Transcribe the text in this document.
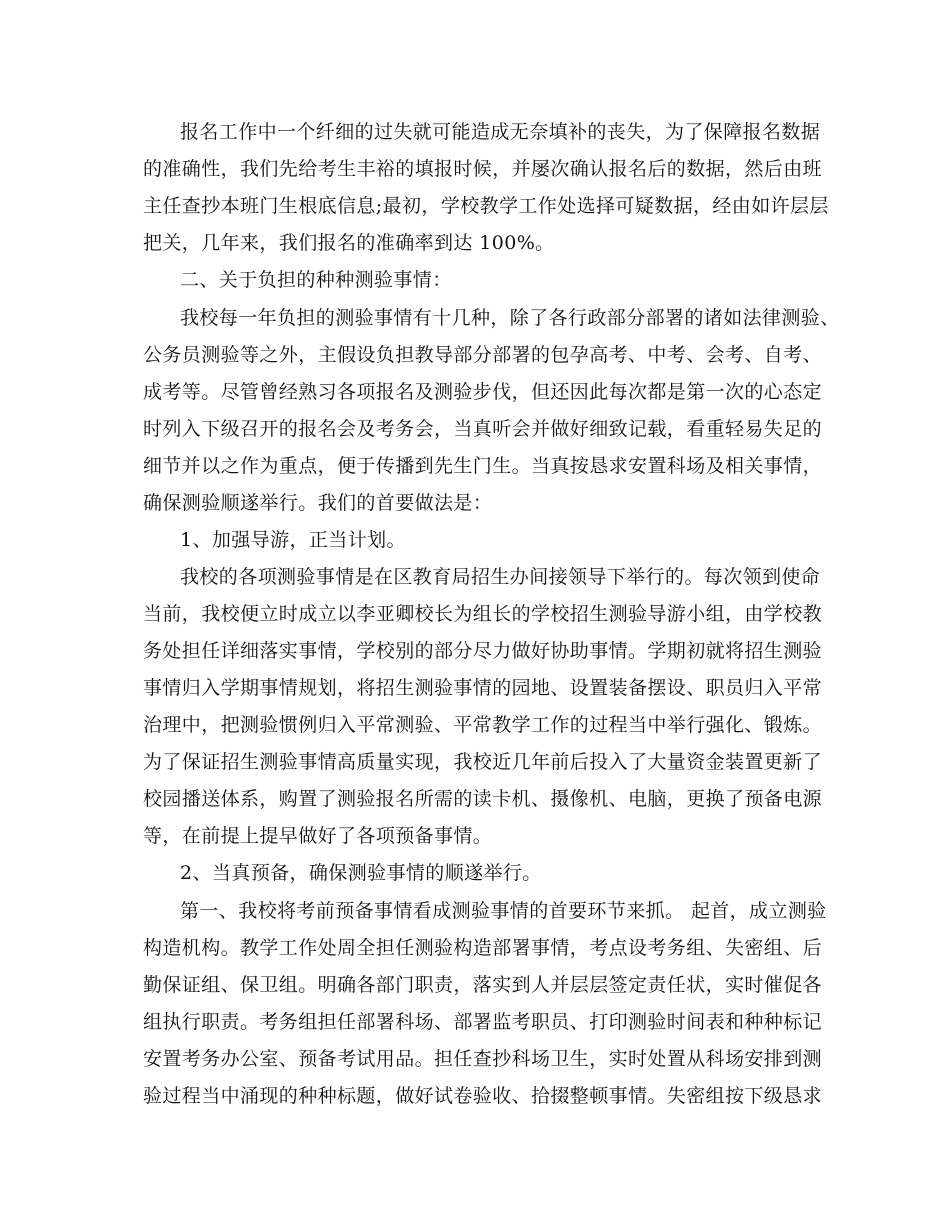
报名工作中一个纤细的过失就可能造成无奈填补的丧失，为了保障报名数据
的准确性，我们先给考生丰裕的填报时候，并屡次确认报名后的数据，然后由班
主任查抄本班门生根底信息;最初，学校教学工作处选择可疑数据，经由如许层层
把关，几年来，我们报名的准确率到达 100%。
二、关于负担的种种测验事情：
我校每一年负担的测验事情有十几种，除了各行政部分部署的诸如法律测验、
公务员测验等之外，主假设负担教导部分部署的包孕高考、中考、会考、自考、
成考等。尽管曾经熟习各项报名及测验步伐，但还因此每次都是第一次的心态定
时列入下级召开的报名会及考务会，当真听会并做好细致记载，看重轻易失足的
细节并以之作为重点，便于传播到先生门生。当真按恳求安置科场及相关事情，
确保测验顺遂举行。我们的首要做法是：
1、加强导游，正当计划。
我校的各项测验事情是在区教育局招生办间接领导下举行的。每次领到使命
当前，我校便立时成立以李亚卿校长为组长的学校招生测验导游小组，由学校教
务处担任详细落实事情，学校别的部分尽力做好协助事情。学期初就将招生测验
事情归入学期事情规划，将招生测验事情的园地、设置装备摆设、职员归入平常
治理中，把测验惯例归入平常测验、平常教学工作的过程当中举行强化、锻炼。
为了保证招生测验事情高质量实现，我校近几年前后投入了大量资金装置更新了
校园播送体系，购置了测验报名所需的读卡机、摄像机、电脑，更换了预备电源
等，在前提上提早做好了各项预备事情。
2、当真预备，确保测验事情的顺遂举行。
第一、我校将考前预备事情看成测验事情的首要环节来抓。 起首，成立测验
构造机构。教学工作处周全担任测验构造部署事情，考点设考务组、失密组、后
勤保证组、保卫组。明确各部门职责，落实到人并层层签定责任状，实时催促各
组执行职责。考务组担任部署科场、部署监考职员、打印测验时间表和种种标记
安置考务办公室、预备考试用品。担任查抄科场卫生，实时处置从科场安排到测
验过程当中涌现的种种标题，做好试卷验收、拾掇整顿事情。失密组按下级恳求
